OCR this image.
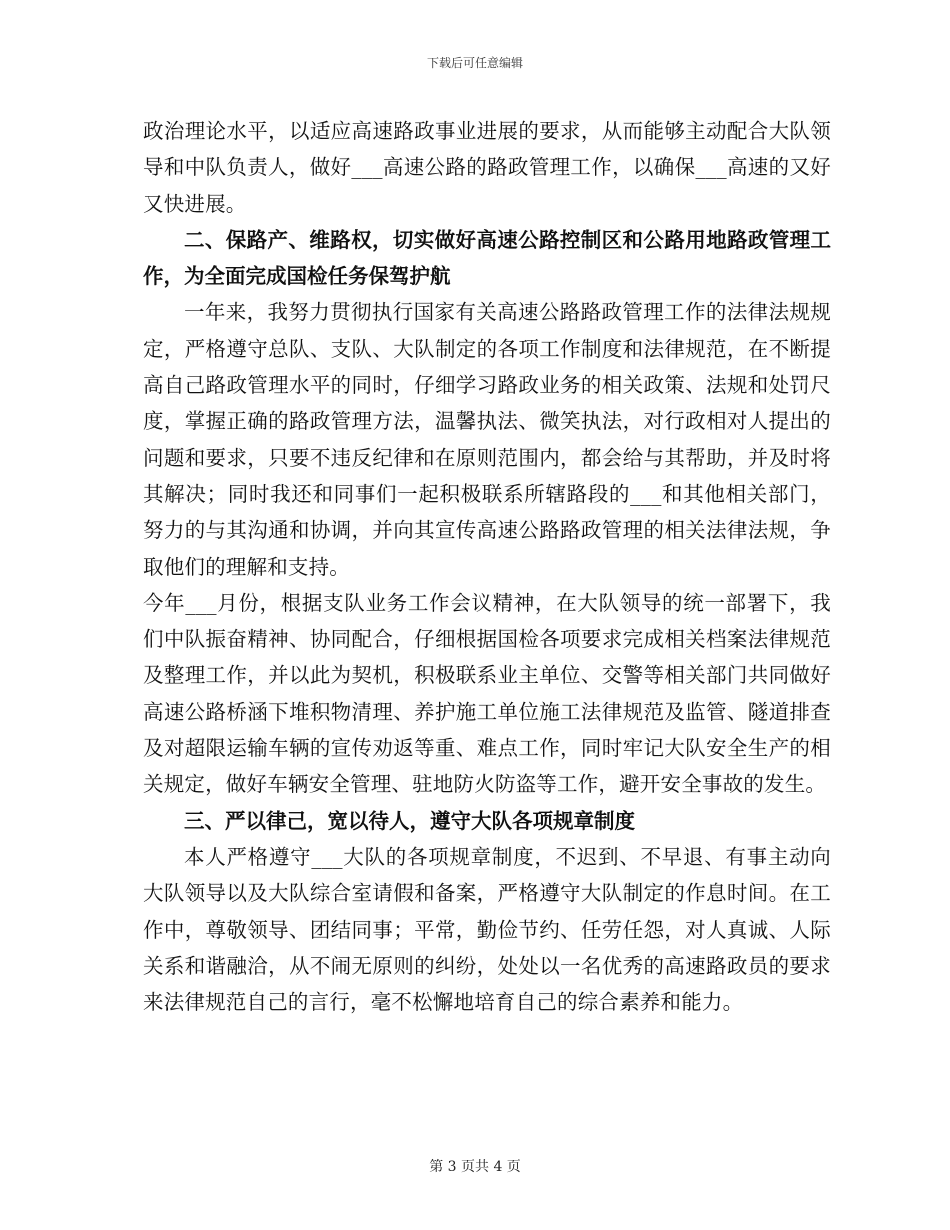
下载后可任意编辑

政治理论水平，以适应高速路政事业进展的要求，从而能够主动配合大队领导和中队负责人，做好___高速公路的路政管理工作，以确保___高速的又好又快进展。

二、保路产、维路权，切实做好高速公路控制区和公路用地路政管理工作，为全面完成国检任务保驾护航

一年来，我努力贯彻执行国家有关高速公路路政管理工作的法律法规规定，严格遵守总队、支队、大队制定的各项工作制度和法律规范，在不断提高自己路政管理水平的同时，仔细学习路政业务的相关政策、法规和处罚尺度，掌握正确的路政管理方法，温馨执法、微笑执法，对行政相对人提出的问题和要求，只要不违反纪律和在原则范围内，都会给与其帮助，并及时将其解决；同时我还和同事们一起积极联系所辖路段的___和其他相关部门，努力的与其沟通和协调，并向其宣传高速公路路政管理的相关法律法规，争取他们的理解和支持。

今年___月份，根据支队业务工作会议精神，在大队领导的统一部署下，我们中队振奋精神、协同配合，仔细根据国检各项要求完成相关档案法律规范及整理工作，并以此为契机，积极联系业主单位、交警等相关部门共同做好高速公路桥涵下堆积物清理、养护施工单位施工法律规范及监管、隧道排查及对超限运输车辆的宣传劝返等重、难点工作，同时牢记大队安全生产的相关规定，做好车辆安全管理、驻地防火防盗等工作，避开安全事故的发生。

三、严以律己，宽以待人，遵守大队各项规章制度

本人严格遵守___大队的各项规章制度，不迟到、不早退、有事主动向大队领导以及大队综合室请假和备案，严格遵守大队制定的作息时间。在工作中，尊敬领导、团结同事；平常，勤俭节约、任劳任怨，对人真诚、人际关系和谐融洽，从不闹无原则的纠纷，处处以一名优秀的高速路政员的要求来法律规范自己的言行，毫不松懈地培育自己的综合素养和能力。

第 3 页共 4 页
